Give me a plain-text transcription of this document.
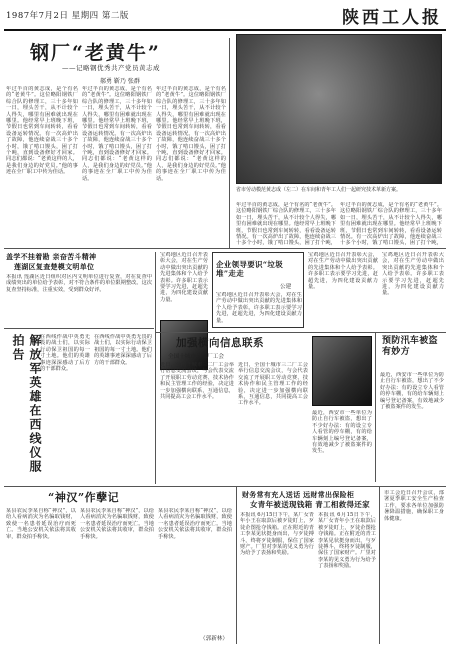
1987年7月2日 星期四 第二版	陕西工人报
钢厂“老黄牛”
——记略钢优秀共产党员黄志成
郝勇 靳乃 张群
年过半百的黄志成，是个有名的“老黄牛”。这位略阳钢铁厂综合队的修理工，三十多年如一日，埋头苦干，从不计较个人得失，哪里有困难就出现在哪里。他经常早上班晚下班，节假日也常到车间转转，看看设备运转情况。有一次高炉出了故障，他连续奋战三十多个小时，饿了啃口馒头，困了打个盹，直到设备修好才回家。同志们都说：“老黄这样的人，是我们身边的好党员。”他的事迹在全厂职工中传为佳话。
年过半百的黄志成，是个有名的“老黄牛”。这位略阳钢铁厂综合队的修理工，三十多年如一日，埋头苦干，从不计较个人得失，哪里有困难就出现在哪里。他经常早上班晚下班，节假日也常到车间转转，看看设备运转情况。有一次高炉出了故障，他连续奋战三十多个小时，饿了啃口馒头，困了打个盹，直到设备修好才回家。同志们都说：“老黄这样的人，是我们身边的好党员。”他的事迹在全厂职工中传为佳话。
年过半百的黄志成，是个有名的“老黄牛”。这位略阳钢铁厂综合队的修理工，三十多年如一日，埋头苦干，从不计较个人得失，哪里有困难就出现在哪里。他经常早上班晚下班，节假日也常到车间转转，看看设备运转情况。有一次高炉出了故障，他连续奋战三十多个小时，饿了啃口馒头，困了打个盹，直到设备修好才回家。同志们都说：“老黄这样的人，是我们身边的好党员。”他的事迹在全厂职工中传为佳话。
省市劳动模范黄志成（左二）在车间和青年工人们一起研究技术革新方案。
年过半百的黄志成，是个有名的“老黄牛”。这位略阳钢铁厂综合队的修理工，三十多年如一日，埋头苦干，从不计较个人得失，哪里有困难就出现在哪里。他经常早上班晚下班，节假日也常到车间转转，看看设备运转情况。有一次高炉出了故障，他连续奋战三十多个小时，饿了啃口馒头，困了打个盹，
年过半百的黄志成，是个有名的“老黄牛”。这位略阳钢铁厂综合队的修理工，三十多年如一日，埋头苦干，从不计较个人得失，哪里有困难就出现在哪里。他经常早上班晚下班，节假日也常到车间转转，看看设备运转情况。有一次高炉出了故障，他连续奋战三十多个小时，饿了啃口馒头，困了打个盹，
盖学不挂着勘 亲奋苦斗精神
莲湖区复查楚模文明单位
本报讯 莲湖区近日组织对区内文明单位进行复查，对在复查中成绩突出的单位给予表彰，对不符合条件的单位限期整改。这次复查坚持标准，注重实效，受到群众好评。
解放军英雄在西线仪服拍告	在西线作战中英勇无畏的战士们，以实际行动保卫祖国的每一寸土地。他们的英雄事迹深深感动了后方的干部群众。
在西线作战中英勇无畏的战士们，以实际行动保卫祖国的每一寸土地。他们的英雄事迹深深感动了后方的干部群众。
宝鸡地区近日召开表彰大会，对在生产劳动中做出突出贡献的先进集体和个人给予表彰。许多职工表示要学习先进，赶超先进，为四化建设贡献力量。
企业领导要识“垃圾堆”走走
公建
宝鸡地区近日召开表彰大会，对在生产劳动中做出突出贡献的先进集体和个人给予表彰。许多职工表示要学习先进，赶超先进，为四化建设贡献力量。
宝鸡地区近日召开表彰大会，对在生产劳动中做出突出贡献的先进集体和个人给予表彰。许多职工表示要学习先进，赶超先进，为四化建设贡献力量。
宝鸡地区近日召开表彰大会，对在生产劳动中做出突出贡献的先进集体和个人给予表彰。许多职工表示要学习先进，赶超先进，为四化建设贡献力量。
加强横向信息联系
全国十城市三二厂工会
近日，全国十城市三二厂工会举行信息交流会议，与会代表交流了开展职工劳动竞赛、技术协作和民主管理工作的经验，决定进一步加强横向联系，互通信息，共同提高工会工作水平。
近日，全国十城市三二厂工会举行信息交流会议，与会代表交流了开展职工劳动竞赛、技术协作和民主管理工作的经验，决定进一步加强横向联系，互通信息，共同提高工会工作水平。
最近，西安市一些单位为防止自行车被盗，想出了不少好办法：有的设立专人看管的停车棚，有的给车辆刻上编号登记备案，有效地减少了被盗案件的发生。
预防汛车被盗有妙方
最近，西安市一些单位为防止自行车被盗，想出了不少好办法：有的设立专人看管的停车棚，有的给车辆刻上编号登记备案，有效地减少了被盗案件的发生。
“神汉”作孽记
某县农民李某自称“神汉”，以给人看病消灾为名骗取钱财，致使一名患者延误治疗而死亡。当地公安机关依法将其收审，群众拍手称快。
某县农民李某自称“神汉”，以给人看病消灾为名骗取钱财，致使一名患者延误治疗而死亡。当地公安机关依法将其收审，群众拍手称快。
某县农民李某自称“神汉”，以给人看病消灾为名骗取钱财，致使一名患者延误治疗而死亡。当地公安机关依法将其收审，群众拍手称快。
（郭新林）
财务常有充人送话 远财常出保险柜
女青年被送现钱箱 青工相救得还家
本报讯 6月15日下午，某厂女青年小王在取款后被歹徒盯上，歹徒企图抢夺钱箱。正在附近的青工李某见状挺身而出，与歹徒搏斗，终将歹徒制服，保住了国家财产。厂里对李某的见义勇为行为给予了表扬和奖励。
本报讯 6月15日下午，某厂女青年小王在取款后被歹徒盯上，歹徒企图抢夺钱箱。正在附近的青工李某见状挺身而出，与歹徒搏斗，终将歹徒制服，保住了国家财产。厂里对李某的见义勇为行为给予了表扬和奖励。
市工会近日召开会议，部署夏季职工安全生产检查工作，要求各单位加强防暑降温措施，确保职工身体健康。
